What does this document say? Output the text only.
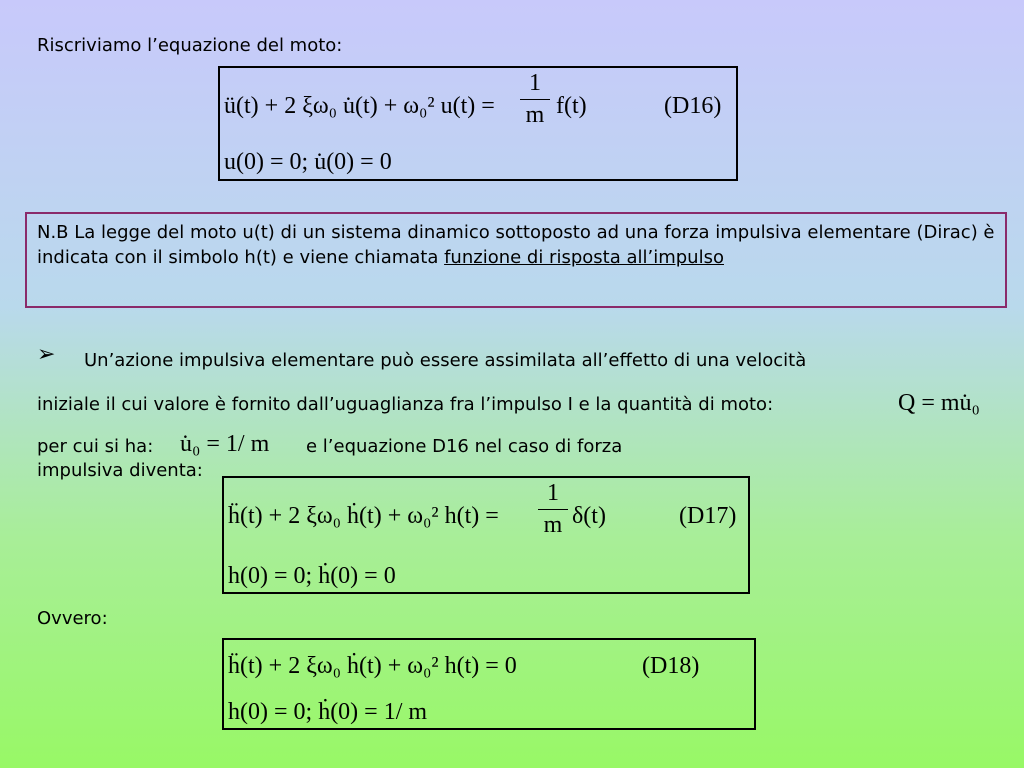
Riscriviamo l’equazione del moto:
ü(t) + 2 ξω₀ u̇(t) + ω₀² u(t) =
1
m f(t)	(D16)
u(0) = 0; u̇(0) = 0
N.B La legge del moto u(t) di un sistema dinamico sottoposto ad una forza impulsiva elementare (Dirac) è indicata con il simbolo h(t) e viene chiamata funzione di risposta all’impulso
➢ Un’azione impulsiva elementare può essere assimilata all’effetto di una velocità
iniziale il cui valore è fornito dall’uguaglianza fra l’impulso I e la quantità di moto:	Q = mu̇₀
per cui si ha: u̇₀ = 1/ m e l’equazione D16 nel caso di forza
impulsiva diventa:
ḧ(t) + 2 ξω₀ ḣ(t) + ω₀² h(t) =
1
m δ(t)	(D17)
h(0) = 0; ḣ(0) = 0
Ovvero:
ḧ(t) + 2 ξω₀ ḣ(t) + ω₀² h(t) = 0	(D18)
h(0) = 0; ḣ(0) = 1/ m
